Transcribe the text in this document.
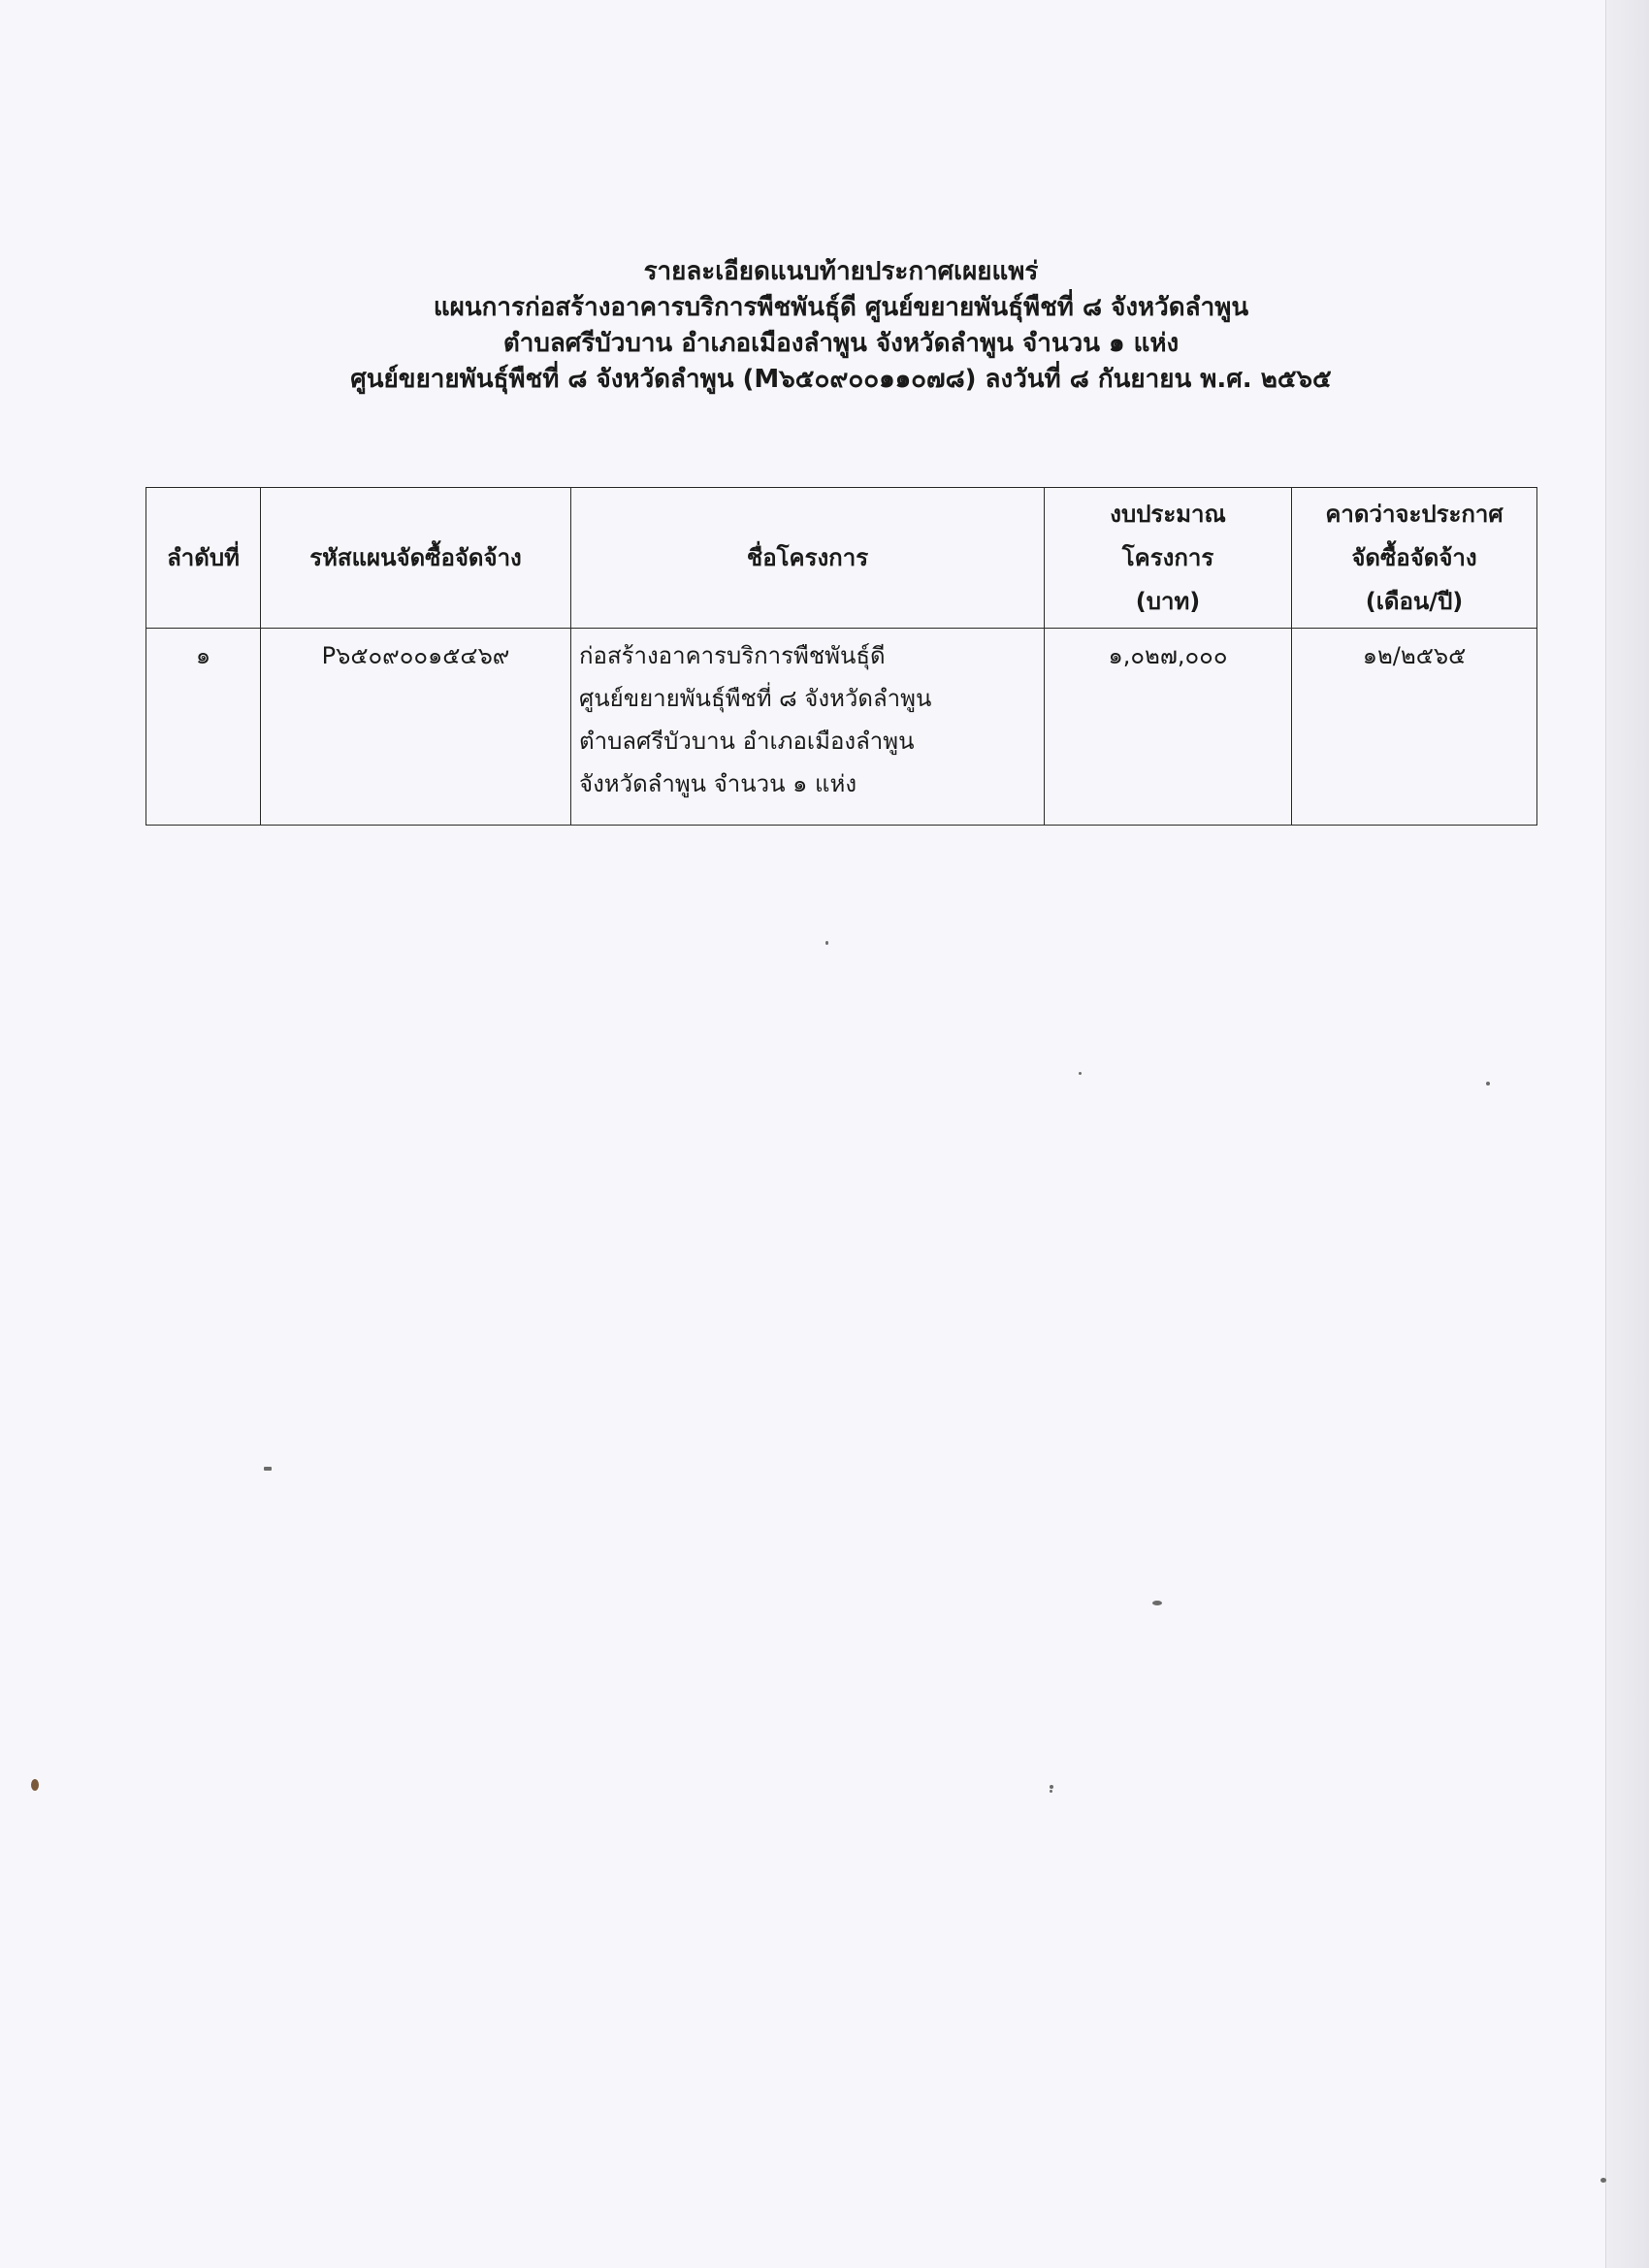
รายละเอียดแนบท้ายประกาศเผยแพร่
แผนการก่อสร้างอาคารบริการพืชพันธุ์ดี ศูนย์ขยายพันธุ์พืชที่ ๘ จังหวัดลำพูน
ตำบลศรีบัวบาน อำเภอเมืองลำพูน จังหวัดลำพูน จำนวน ๑ แห่ง
ศูนย์ขยายพันธุ์พืชที่ ๘ จังหวัดลำพูน (M๖๕๐๙๐๐๑๑๐๗๘) ลงวันที่ ๘ กันยายน พ.ศ. ๒๕๖๕
ลำดับที่	รหัสแผนจัดซื้อจัดจ้าง	ชื่อโครงการ	งบประมาณ
โครงการ
(บาท)	คาดว่าจะประกาศ
จัดซื้อจัดจ้าง
(เดือน/ปี)

๑	P๖๕๐๙๐๐๑๕๔๖๙	ก่อสร้างอาคารบริการพืชพันธุ์ดี
ศูนย์ขยายพันธุ์พืชที่ ๘ จังหวัดลำพูน
ตำบลศรีบัวบาน อำเภอเมืองลำพูน
จังหวัดลำพูน จำนวน ๑ แห่ง	๑,๐๒๗,๐๐๐	๑๒/๒๕๖๕
